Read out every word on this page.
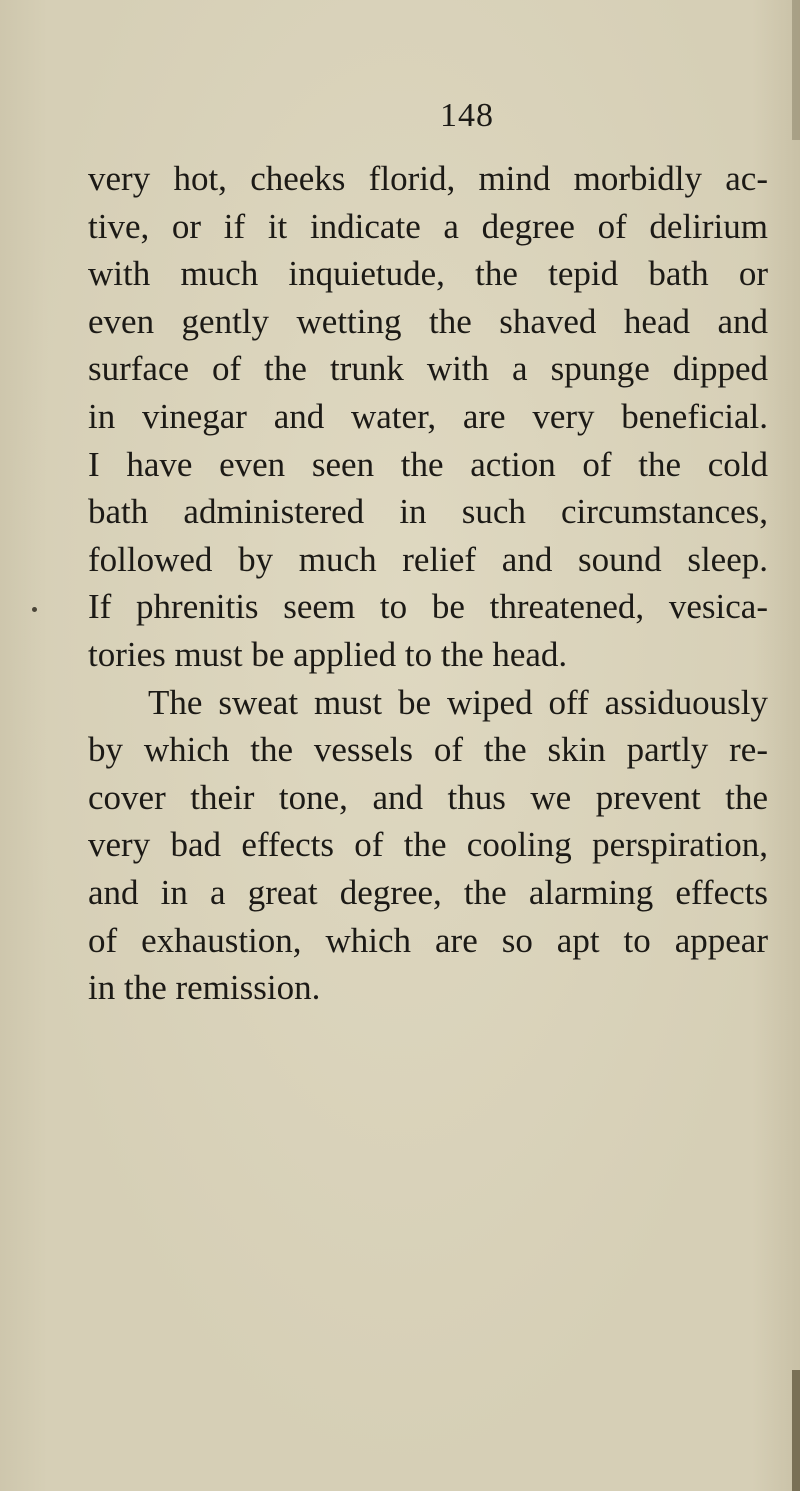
148
very hot, cheeks florid, mind morbidly ac-
tive, or if it indicate a degree of delirium
with much inquietude, the tepid bath or
even gently wetting the shaved head and
surface of the trunk with a spunge dipped
in vinegar and water, are very beneficial.
I have even seen the action of the cold
bath administered in such circumstances,
followed by much relief and sound sleep.
If phrenitis seem to be threatened, vesica-
tories must be applied to the head.
The sweat must be wiped off assiduously
by which the vessels of the skin partly re-
cover their tone, and thus we prevent the
very bad effects of the cooling perspiration,
and in a great degree, the alarming effects
of exhaustion, which are so apt to appear
in the remission.
